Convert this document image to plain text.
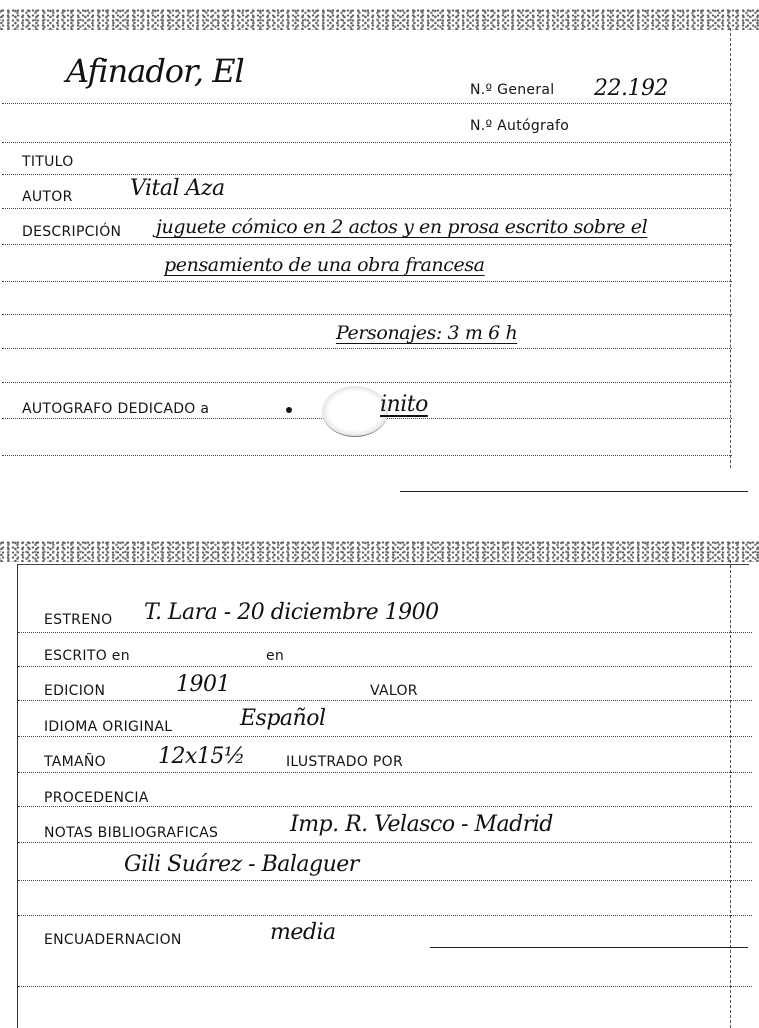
Afinador, El	N.º General 22.192
N.º Autógrafo
TITULO
AUTOR	Vital Aza
DESCRIPCIÓN juguete cómico en 2 actos y en prosa escrito sobre el
pensamiento de una obra francesa
Personajes: 3 m 6 h
AUTOGRAFO DEDICADO a	inito
ESTRENO T. Lara - 20 diciembre 1900
ESCRITO en	en
EDICION	1901	VALOR
IDIOMA ORIGINAL	Español
TAMAÑO 12x15½	ILUSTRADO POR
PROCEDENCIA
NOTAS BIBLIOGRAFICAS	Imp. R. Velasco - Madrid
Gili Suárez - Balaguer
ENCUADERNACION	media
